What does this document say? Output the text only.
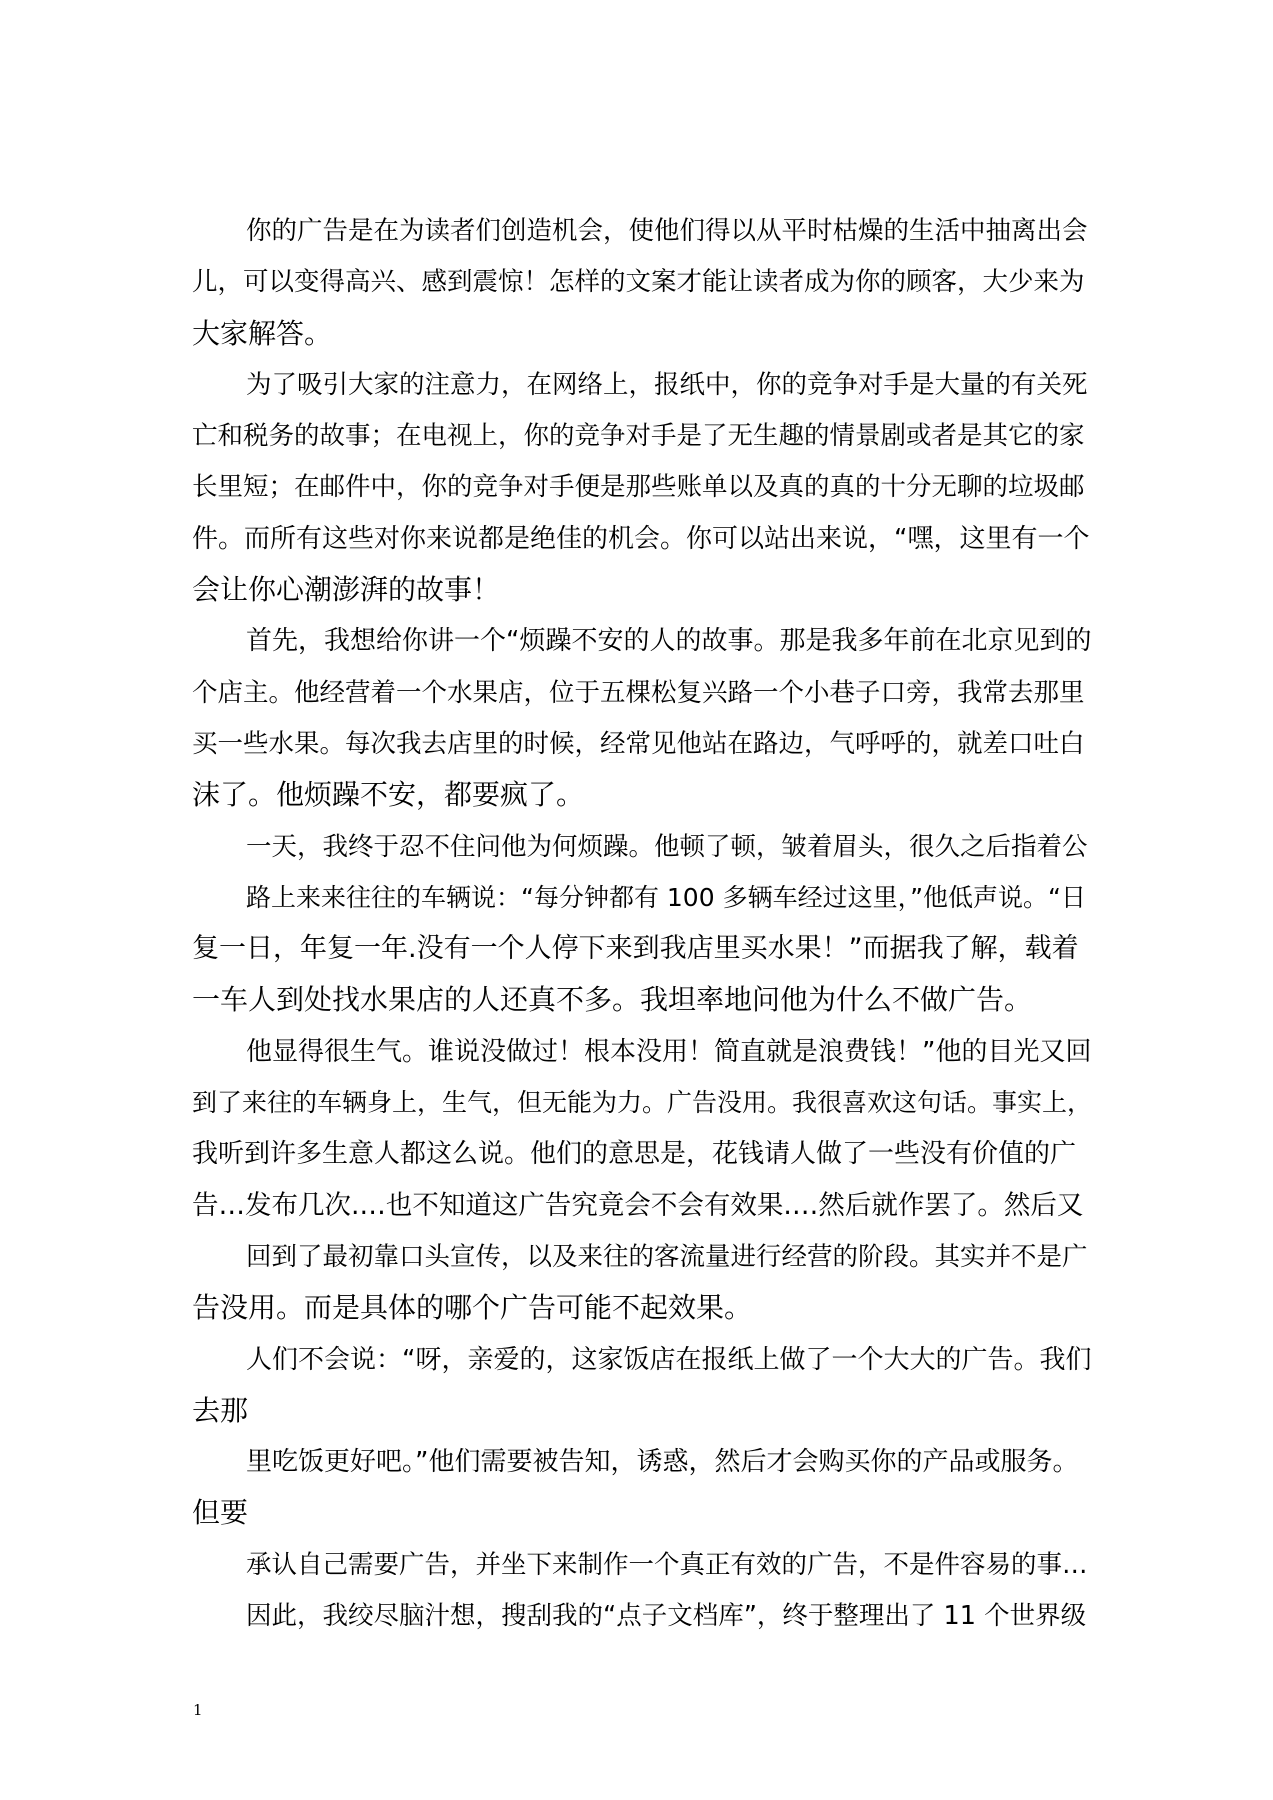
你的广告是在为读者们创造机会，使他们得以从平时枯燥的生活中抽离出会
儿，可以变得高兴、感到震惊！怎样的文案才能让读者成为你的顾客，大少来为
大家解答。
为了吸引大家的注意力，在网络上，报纸中，你的竞争对手是大量的有关死
亡和税务的故事；在电视上，你的竞争对手是了无生趣的情景剧或者是其它的家
长里短；在邮件中，你的竞争对手便是那些账单以及真的真的十分无聊的垃圾邮
件。而所有这些对你来说都是绝佳的机会。你可以站出来说，“嘿，这里有一个
会让你心潮澎湃的故事！
首先，我想给你讲一个“烦躁不安的人的故事。那是我多年前在北京见到的
个店主。他经营着一个水果店，位于五棵松复兴路一个小巷子口旁，我常去那里
买一些水果。每次我去店里的时候，经常见他站在路边，气呼呼的，就差口吐白
沫了。他烦躁不安，都要疯了。
一天，我终于忍不住问他为何烦躁。他顿了顿，皱着眉头，很久之后指着公
路上来来往往的车辆说：“每分钟都有 100 多辆车经过这里，”他低声说。“日
复一日，年复一年.没有一个人停下来到我店里买水果！”而据我了解，载着
一车人到处找水果店的人还真不多。我坦率地问他为什么不做广告。
他显得很生气。谁说没做过！根本没用！简直就是浪费钱！”他的目光又回
到了来往的车辆身上，生气，但无能为力。广告没用。我很喜欢这句话。事实上，
我听到许多生意人都这么说。他们的意思是，花钱请人做了一些没有价值的广
告…发布几次.…也不知道这广告究竟会不会有效果.…然后就作罢了。然后又
回到了最初靠口头宣传，以及来往的客流量进行经营的阶段。其实并不是广
告没用。而是具体的哪个广告可能不起效果。
人们不会说：“呀，亲爱的，这家饭店在报纸上做了一个大大的广告。我们
去那
里吃饭更好吧。”他们需要被告知，诱惑，然后才会购买你的产品或服务。
但要
承认自己需要广告，并坐下来制作一个真正有效的广告，不是件容易的事…
因此，我绞尽脑汁想，搜刮我的“点子文档库”，终于整理出了 11 个世界级
1
